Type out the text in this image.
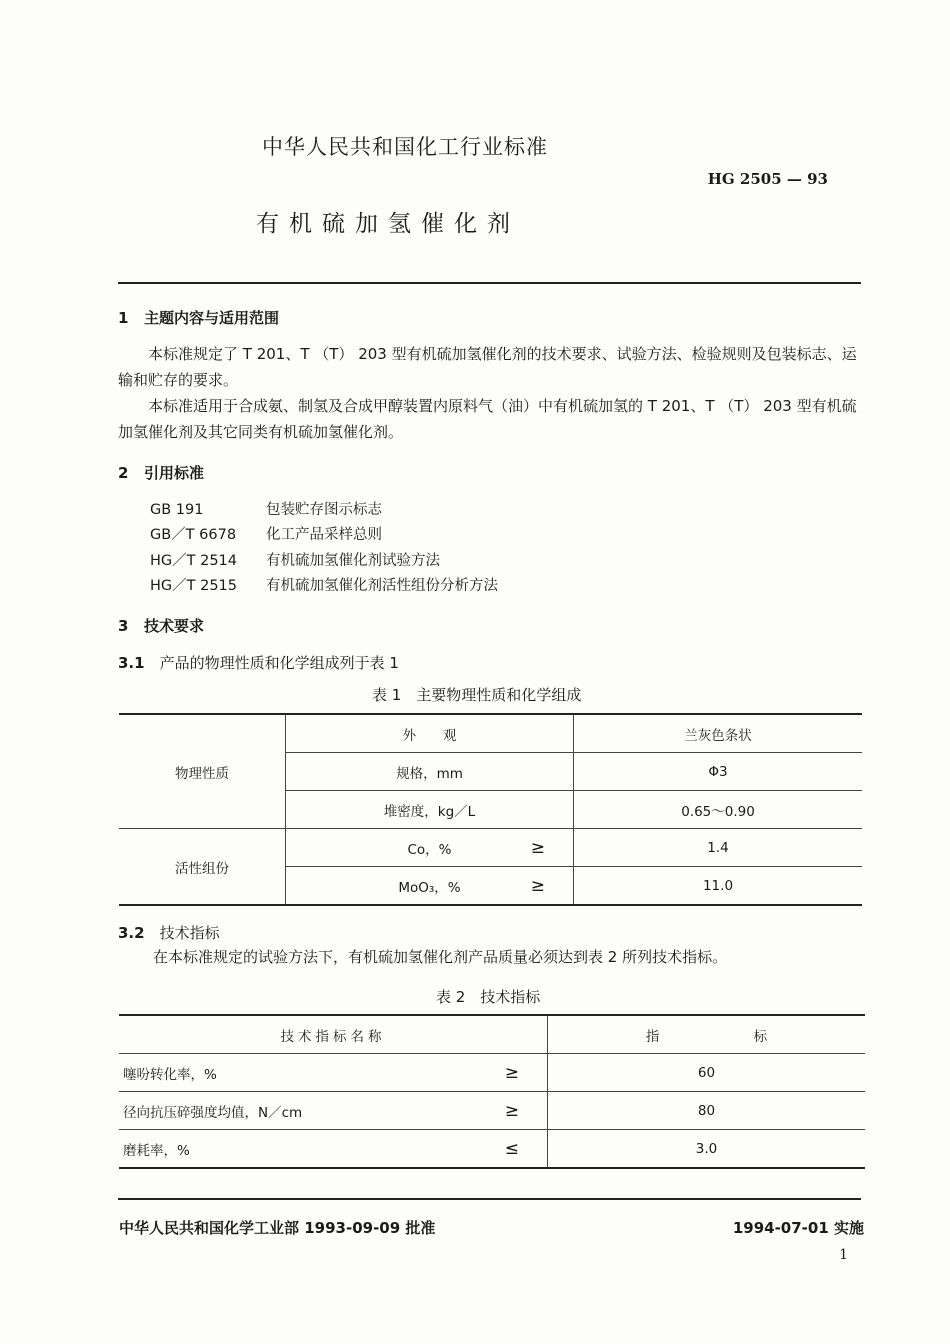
中华人民共和国化工行业标准
HG 2505 — 93
有机硫加氢催化剂
1 主题内容与适用范围
本标准规定了 T 201、T （T） 203 型有机硫加氢催化剂的技术要求、试验方法、检验规则及包装标志、运输和贮存的要求。
本标准适用于合成氨、制氢及合成甲醇装置内原料气（油）中有机硫加氢的 T 201、T （T） 203 型有机硫加氢催化剂及其它同类有机硫加氢催化剂。
2 引用标准
GB 191	包装贮存图示标志
GB／T 6678 化工产品采样总则
HG／T 2514 有机硫加氢催化剂试验方法
HG／T 2515 有机硫加氢催化剂活性组份分析方法
3 技术要求
3.1　 产品的物理性质和化学组成列于表 1
表 1　主要物理性质和化学组成
物理性质	外　　观	兰灰色条状
	规格，mm	Φ3
	堆密度，kg／L	0.65～0.90
活性组份	Co，% ≥	1.4
	MoO₃，% ≥	11.0
3.2　 技术指标
在本标准规定的试验方法下，有机硫加氢催化剂产品质量必须达到表 2 所列技术指标。
表 2　技术指标
技术指标名称	指 标
噻吩转化率，% ≥	60
径向抗压碎强度均值，N／cm ≥	80
磨耗率，% ≤	3.0
中华人民共和国化学工业部 1993-09-09 批准	1994-07-01 实施
1
